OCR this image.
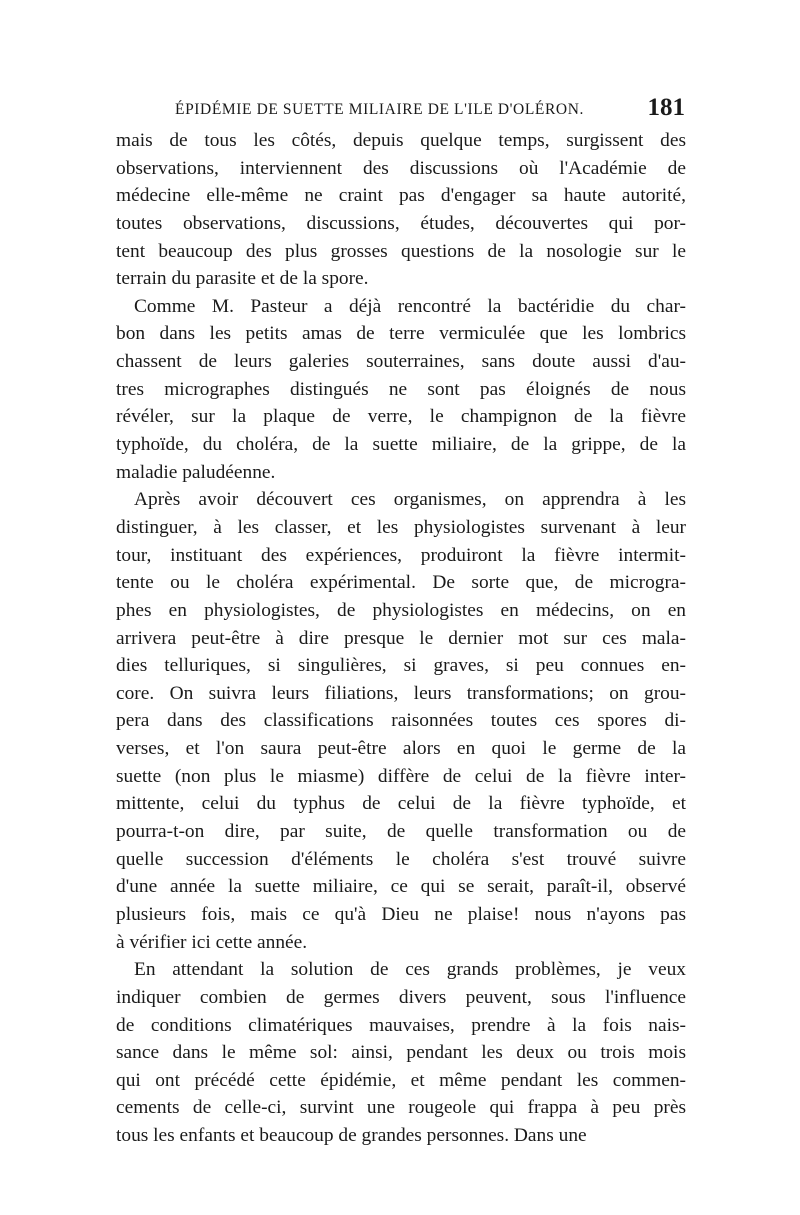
ÉPIDÉMIE DE SUETTE MILIAIRE DE L'ILE D'OLÉRON.	181
mais de tous les côtés, depuis quelque temps, surgissent des
observations, interviennent des discussions où l'Académie de
médecine elle-même ne craint pas d'engager sa haute autorité,
toutes observations, discussions, études, découvertes qui por-
tent beaucoup des plus grosses questions de la nosologie sur le
terrain du parasite et de la spore.
Comme M. Pasteur a déjà rencontré la bactéridie du char-
bon dans les petits amas de terre vermiculée que les lombrics
chassent de leurs galeries souterraines, sans doute aussi d'au-
tres micrographes distingués ne sont pas éloignés de nous
révéler, sur la plaque de verre, le champignon de la fièvre
typhoïde, du choléra, de la suette miliaire, de la grippe, de la
maladie paludéenne.
Après avoir découvert ces organismes, on apprendra à les
distinguer, à les classer, et les physiologistes survenant à leur
tour, instituant des expériences, produiront la fièvre intermit-
tente ou le choléra expérimental. De sorte que, de microgra-
phes en physiologistes, de physiologistes en médecins, on en
arrivera peut-être à dire presque le dernier mot sur ces mala-
dies telluriques, si singulières, si graves, si peu connues en-
core. On suivra leurs filiations, leurs transformations; on grou-
pera dans des classifications raisonnées toutes ces spores di-
verses, et l'on saura peut-être alors en quoi le germe de la
suette (non plus le miasme) diffère de celui de la fièvre inter-
mittente, celui du typhus de celui de la fièvre typhoïde, et
pourra-t-on dire, par suite, de quelle transformation ou de
quelle succession d'éléments le choléra s'est trouvé suivre
d'une année la suette miliaire, ce qui se serait, paraît-il, observé
plusieurs fois, mais ce qu'à Dieu ne plaise! nous n'ayons pas
à vérifier ici cette année.
En attendant la solution de ces grands problèmes, je veux
indiquer combien de germes divers peuvent, sous l'influence
de conditions climatériques mauvaises, prendre à la fois nais-
sance dans le même sol: ainsi, pendant les deux ou trois mois
qui ont précédé cette épidémie, et même pendant les commen-
cements de celle-ci, survint une rougeole qui frappa à peu près
tous les enfants et beaucoup de grandes personnes. Dans une
